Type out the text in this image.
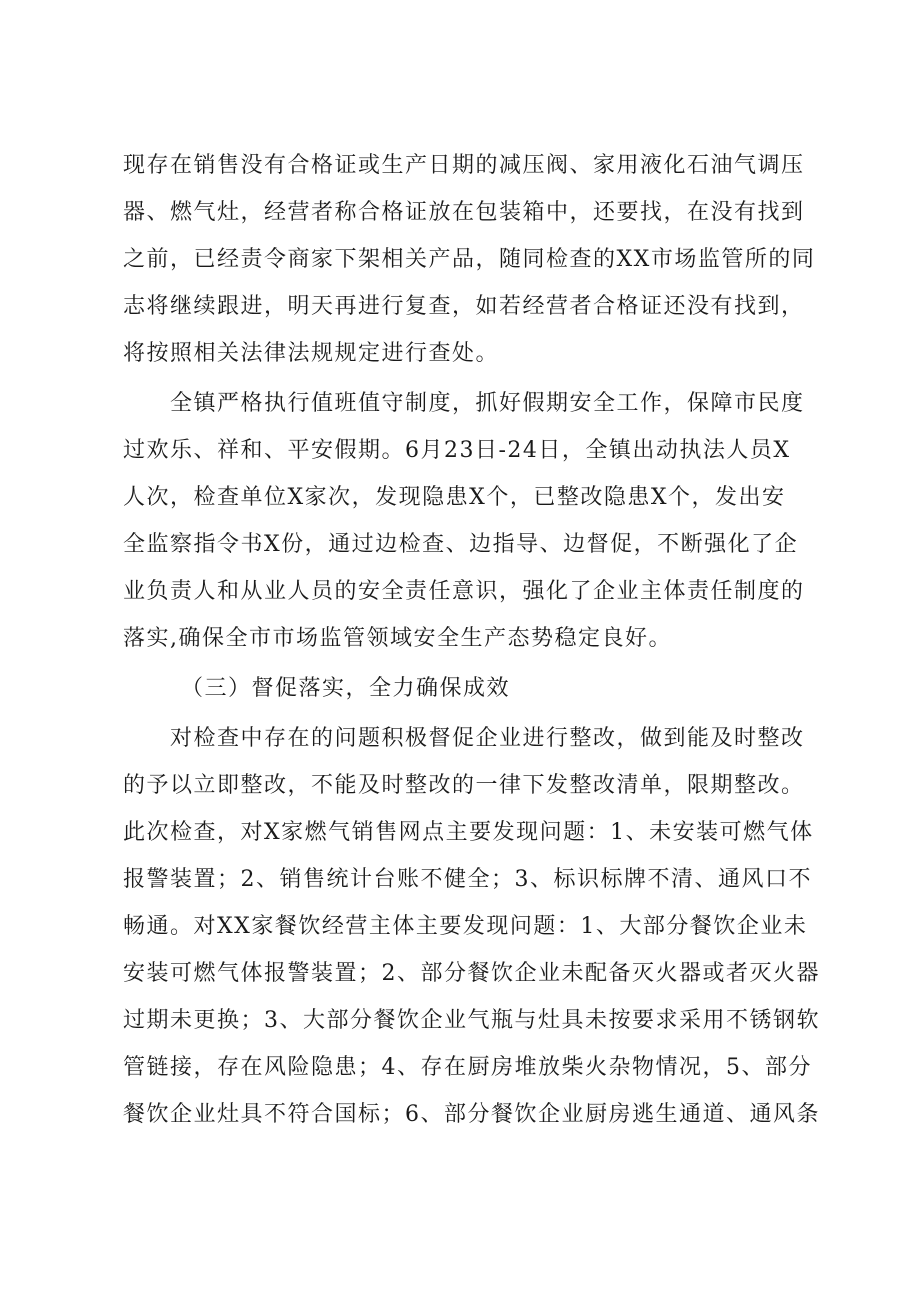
现存在销售没有合格证或生产日期的减压阀、家用液化石油气调压
器、燃气灶，经营者称合格证放在包装箱中，还要找，在没有找到
之前，已经责令商家下架相关产品，随同检查的XX市场监管所的同
志将继续跟进，明天再进行复查，如若经营者合格证还没有找到，
将按照相关法律法规规定进行查处。
全镇严格执行值班值守制度，抓好假期安全工作，保障市民度
过欢乐、祥和、平安假期。6月23日-24日，全镇出动执法人员X
人次，检查单位X家次，发现隐患X个，已整改隐患X个，发出安
全监察指令书X份，通过边检查、边指导、边督促，不断强化了企
业负责人和从业人员的安全责任意识，强化了企业主体责任制度的
落实,确保全市市场监管领域安全生产态势稳定良好。
（三）督促落实，全力确保成效
对检查中存在的问题积极督促企业进行整改，做到能及时整改
的予以立即整改，不能及时整改的一律下发整改清单，限期整改。
此次检查，对X家燃气销售网点主要发现问题：1、未安装可燃气体
报警装置；2、销售统计台账不健全；3、标识标牌不清、通风口不
畅通。对XX家餐饮经营主体主要发现问题：1、大部分餐饮企业未
安装可燃气体报警装置；2、部分餐饮企业未配备灭火器或者灭火器
过期未更换；3、大部分餐饮企业气瓶与灶具未按要求采用不锈钢软
管链接，存在风险隐患；4、存在厨房堆放柴火杂物情况，5、部分
餐饮企业灶具不符合国标；6、部分餐饮企业厨房逃生通道、通风条
